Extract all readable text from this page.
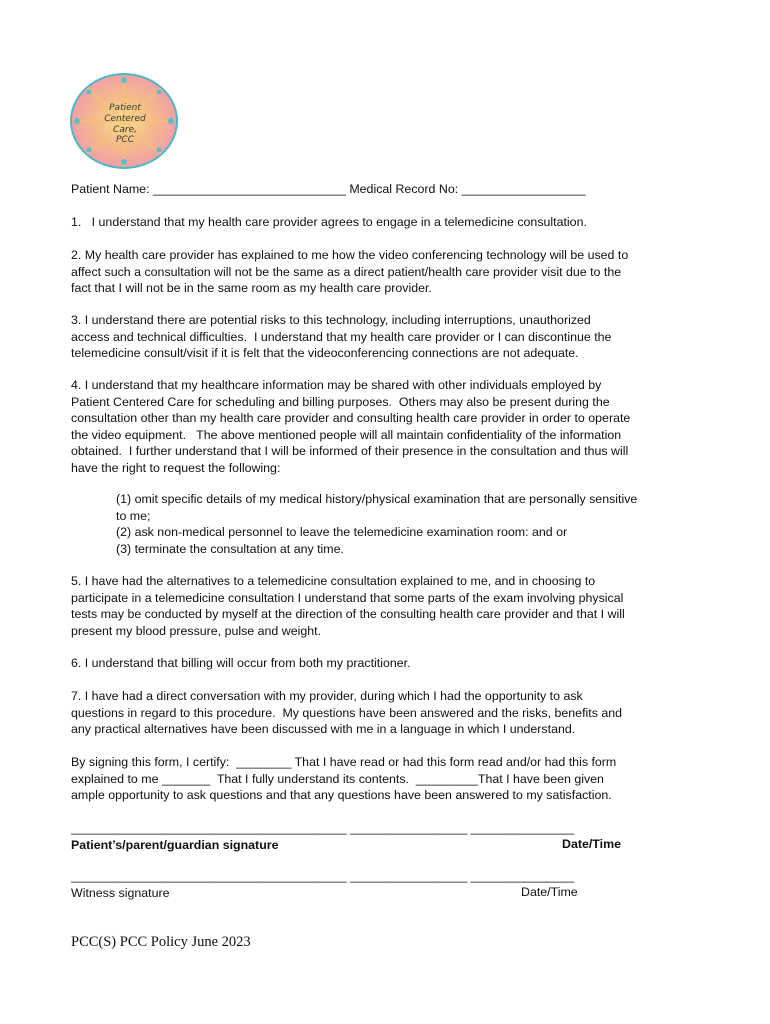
Patient
Centered
Care,
PCC
Patient Name: ____________________________ Medical Record No: __________________
1.   I understand that my health care provider agrees to engage in a telemedicine consultation.
2. My health care provider has explained to me how the video conferencing technology will be used to
affect such a consultation will not be the same as a direct patient/health care provider visit due to the
fact that I will not be in the same room as my health care provider.
3. I understand there are potential risks to this technology, including interruptions, unauthorized
access and technical difficulties.  I understand that my health care provider or I can discontinue the
telemedicine consult/visit if it is felt that the videoconferencing connections are not adequate.
4. I understand that my healthcare information may be shared with other individuals employed by
Patient Centered Care for scheduling and billing purposes.  Others may also be present during the
consultation other than my health care provider and consulting health care provider in order to operate
the video equipment.   The above mentioned people will all maintain confidentiality of the information
obtained.  I further understand that I will be informed of their presence in the consultation and thus will
have the right to request the following:
(1) omit specific details of my medical history/physical examination that are personally sensitive
to me;
(2) ask non-medical personnel to leave the telemedicine examination room: and or
(3) terminate the consultation at any time.
5. I have had the alternatives to a telemedicine consultation explained to me, and in choosing to
participate in a telemedicine consultation I understand that some parts of the exam involving physical
tests may be conducted by myself at the direction of the consulting health care provider and that I will
present my blood pressure, pulse and weight.
6. I understand that billing will occur from both my practitioner.
7. I have had a direct conversation with my provider, during which I had the opportunity to ask
questions in regard to this procedure.  My questions have been answered and the risks, benefits and
any practical alternatives have been discussed with me in a language in which I understand.
By signing this form, I certify:  ________ That I have read or had this form read and/or had this form
explained to me _______  That I fully understand its contents.  _________That I have been given
ample opportunity to ask questions and that any questions have been answered to my satisfaction.
________________________________________ _________________ _______________
Patient’s/parent/guardian signature	Date/Time
________________________________________ _________________ _______________
Witness signature	Date/Time
PCC(S) PCC Policy June 2023
